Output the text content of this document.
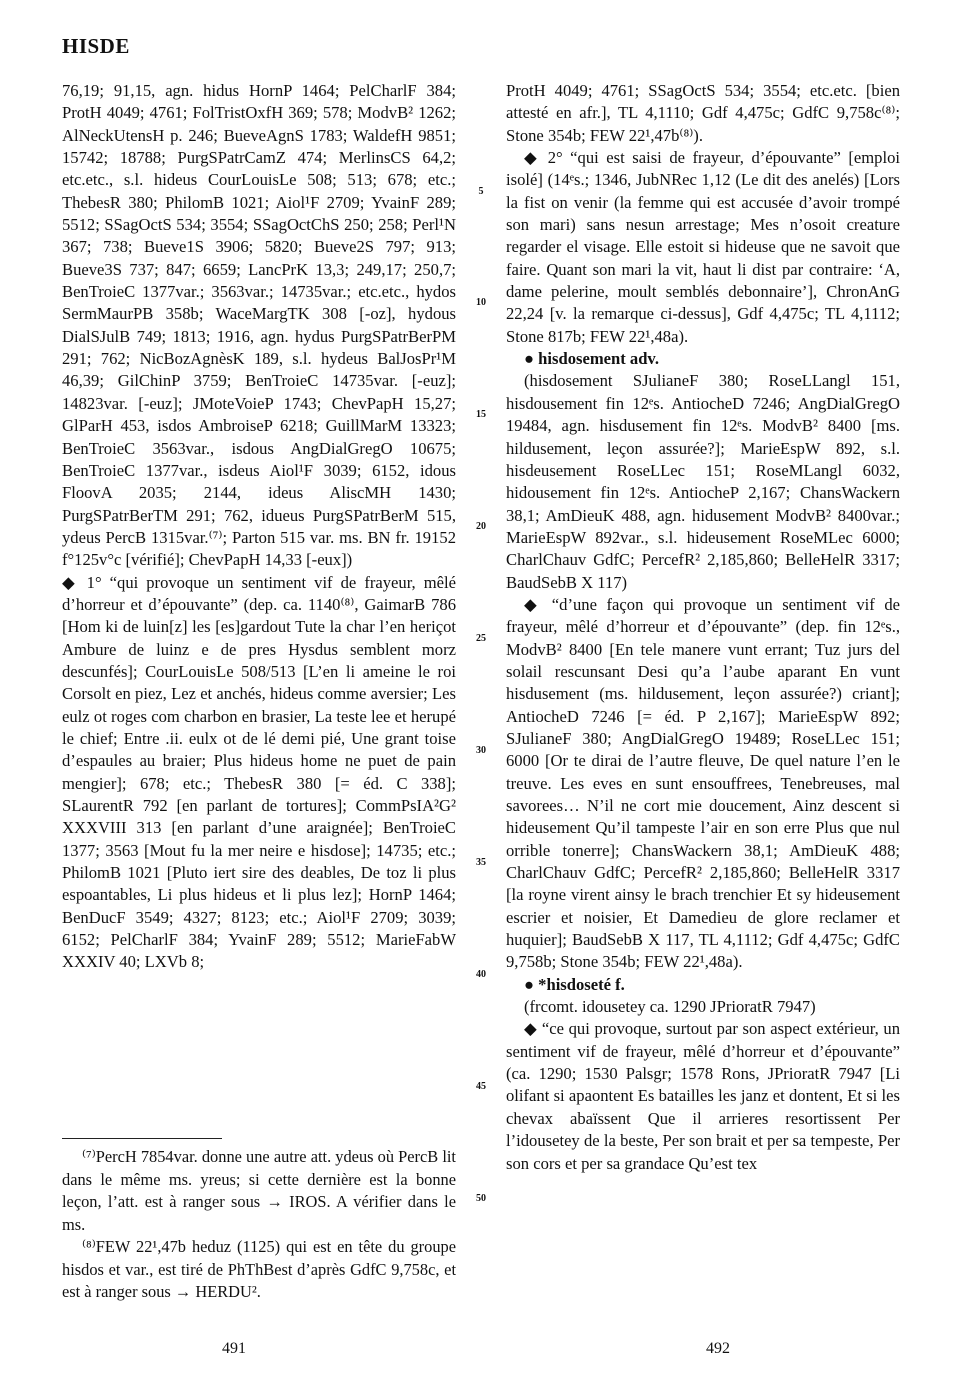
HISDE

76,19; 91,15, agn. hidus HornP 1464; PelCharlF 384; ProtH 4049; 4761; FolTristOxfH 369; 578; ModvB² 1262; AlNeckUtensH p. 246; BueveAgnS 1783; WaldefH 9851; 15742; 18788; PurgSPatrCamZ 474; MerlinsCS 64,2; etc.etc., s.l. hideus CourLouisLe 508; 513; 678; etc.; ThebesR 380; PhilomB 1021; Aiol¹F 2709; YvainF 289; 5512; SSagOctS 534; 3554; SSagOctChS 250; 258; Perl¹N 367; 738; Bueve1S 3906; 5820; Bueve2S 797; 913; Bueve3S 737; 847; 6659; LancPrK 13,3; 249,17; 250,7; BenTroieC 1377var.; 3563var.; 14735var.; etc.etc., hydos SermMaurPB 358b; WaceMargTK 308 [-oz], hydous DialSJulB 749; 1813; 1916, agn. hydus PurgSPatrBerPM 291; 762; NicBozAgnèsK 189, s.l. hydeus BalJosPr¹M 46,39; GilChinP 3759; BenTroieC 14735var. [-euz]; 14823var. [-euz]; JMoteVoieP 1743; ChevPapH 15,27; GlParH 453, isdos AmbroiseP 6218; GuillMarM 13323; BenTroieC 3563var., isdous AngDialGregO 10675; BenTroieC 1377var., isdeus Aiol¹F 3039; 6152, idous FloovA 2035; 2144, ideus AliscMH 1430; PurgSPatrBerTM 291; 762, idueus PurgSPatrBerM 515, ydeus PercB 1315var.⁽⁷⁾; Parton 515 var. ms. BN fr. 19152 f°125v°c [vérifié]; ChevPapH 14,33 [-eux])

◆ 1° “qui provoque un sentiment vif de frayeur, mêlé d’horreur et d’épouvante” (dep. ca. 1140⁽⁸⁾, GaimarB 786 [Hom ki de luin[z] les [es]gardout Tute la char l’en heriçot Ambure de luinz e de pres Hysdus semblent morz descunfés]; CourLouisLe 508/513 [L’en li ameine le roi Corsolt en piez, Lez et anchés, hideus comme aversier; Les eulz ot roges com charbon en brasier, La teste lee et herupé le chief; Entre .ii. eulx ot de lé demi pié, Une grant toise d’espaules au braier; Plus hideus home ne puet de pain mengier]; 678; etc.; ThebesR 380 [= éd. C 338]; SLaurentR 792 [en parlant de tortures]; CommPsIA²G² XXXVIII 313 [en parlant d’une araignée]; BenTroieC 1377; 3563 [Mout fu la mer neire e hisdose]; 14735; etc.; PhilomB 1021 [Pluto iert sire des deables, De toz li plus espoantables, Li plus hideus et li plus lez]; HornP 1464; BenDucF 3549; 4327; 8123; etc.; Aiol¹F 2709; 3039; 6152; PelCharlF 384; YvainF 289; 5512; MarieFabW XXXIV 40; LXVb 8;

⁽⁷⁾PercH 7854var. donne une autre att. ydeus où PercB lit dans le même ms. yreus; si cette dernière est la bonne leçon, l’att. est à ranger sous → IROS. A vérifier dans le ms.

⁽⁸⁾FEW 22¹,47b heduz (1125) qui est en tête du groupe hisdos et var., est tiré de PhThBest d’après GdfC 9,758c, et est à ranger sous → HERDU².

ProtH 4049; 4761; SSagOctS 534; 3554; etc.etc. [bien attesté en afr.], TL 4,1110; Gdf 4,475c; GdfC 9,758c⁽⁸⁾; Stone 354b; FEW 22¹,47b⁽⁸⁾).

◆ 2° “qui est saisi de frayeur, d’épouvante” [emploi isolé] (14ᵉs.; 1346, JubNRec 1,12 (Le dit des anelés) [Lors la fist on venir (la femme qui est accusée d’avoir trompé son mari) sans nesun arrestage; Mes n’osoit creature regarder el visage. Elle estoit si hideuse que ne savoit que faire. Quant son mari la vit, haut li dist par contraire: ‘A, dame pelerine, moult semblés debonnaire’], ChronAnG 22,24 [v. la remarque ci-dessus], Gdf 4,475c; TL 4,1112; Stone 817b; FEW 22¹,48a).

● hisdosement adv.

(hisdosement SJulianeF 380; RoseLLangl 151, hisdousement fin 12ᵉs. AntiocheD 7246; AngDialGregO 19484, agn. hisdusement fin 12ᵉs. ModvB² 8400 [ms. hildusement, leçon assurée?]; MarieEspW 892, s.l. hisdeusement RoseLLec 151; RoseMLangl 6032, hidousement fin 12ᵉs. AntiocheP 2,167; ChansWackern 38,1; AmDieuK 488, agn. hidusement ModvB² 8400var.; MarieEspW 892var., s.l. hideusement RoseMLec 6000; CharlChauv GdfC; PercefR² 2,185,860; BelleHelR 3317; BaudSebB X 117)

◆ “d’une façon qui provoque un sentiment vif de frayeur, mêlé d’horreur et d’épouvante” (dep. fin 12ᵉs., ModvB² 8400 [En tele manere vunt errant; Tuz jurs del solail rescunsant Desi qu’a l’aube aparant En vunt hisdusement (ms. hildusement, leçon assurée?) criant]; AntiocheD 7246 [= éd. P 2,167]; MarieEspW 892; SJulianeF 380; AngDialGregO 19489; RoseLLec 151; 6000 [Or te dirai de l’autre fleuve, De quel nature l’en le treuve. Les eves en sunt ensouffrees, Tenebreuses, mal savorees… N’il ne cort mie doucement, Ainz descent si hideusement Qu’il tampeste l’air en son erre Plus que nul orrible tonerre]; ChansWackern 38,1; AmDieuK 488; CharlChauv GdfC; PercefR² 2,185,860; BelleHelR 3317 [la royne virent ainsy le brach trenchier Et sy hideusement escrier et noisier, Et Damedieu de glore reclamer et huquier]; BaudSebB X 117, TL 4,1112; Gdf 4,475c; GdfC 9,758b; Stone 354b; FEW 22¹,48a).

● *hisdoseté f.

(frcomt. idousetey ca. 1290 JPrioratR 7947)

◆ “ce qui provoque, surtout par son aspect extérieur, un sentiment vif de frayeur, mêlé d’horreur et d’épouvante” (ca. 1290; 1530 Palsgr; 1578 Rons, JPrioratR 7947 [Li olifant si apaontent Es batailles les janz et dontent, Et si les chevax abaïssent Que il arrieres resortissent Per l’idousetey de la beste, Per son brait et per sa tempeste, Per son cors et per sa grandace Qu’est tex

5
10
15
20
25
30
35
40
45
50
491	492
